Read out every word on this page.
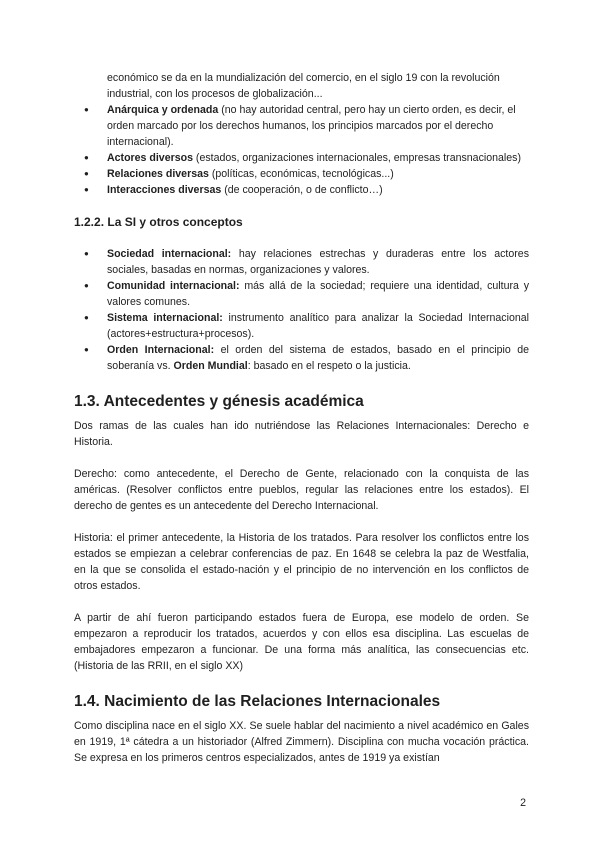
económico se da en la mundialización del comercio, en el siglo 19 con la revolución industrial, con los procesos de globalización...

● Anárquica y ordenada (no hay autoridad central, pero hay un cierto orden, es decir, el orden marcado por los derechos humanos, los principios marcados por el derecho internacional).
● Actores diversos (estados, organizaciones internacionales, empresas transnacionales)
● Relaciones diversas (políticas, económicas, tecnológicas...)
● Interacciones diversas (de cooperación, o de conflicto…)
1.2.2. La SI y otros conceptos
● Sociedad internacional: hay relaciones estrechas y duraderas entre los actores sociales, basadas en normas, organizaciones y valores.
● Comunidad internacional: más allá de la sociedad; requiere una identidad, cultura y valores comunes.
● Sistema internacional: instrumento analítico para analizar la Sociedad Internacional (actores+estructura+procesos).
● Orden Internacional: el orden del sistema de estados, basado en el principio de soberanía vs. Orden Mundial: basado en el respeto o la justicia.
1.3. Antecedentes y génesis académica

Dos ramas de las cuales han ido nutriéndose las Relaciones Internacionales: Derecho e Historia.

Derecho: como antecedente, el Derecho de Gente, relacionado con la conquista de las américas. (Resolver conflictos entre pueblos, regular las relaciones entre los estados). El derecho de gentes es un antecedente del Derecho Internacional.

Historia: el primer antecedente, la Historia de los tratados. Para resolver los conflictos entre los estados se empiezan a celebrar conferencias de paz. En 1648 se celebra la paz de Westfalia, en la que se consolida el estado-nación y el principio de no intervención en los conflictos de otros estados.

A partir de ahí fueron participando estados fuera de Europa, ese modelo de orden. Se empezaron a reproducir los tratados, acuerdos y con ellos esa disciplina. Las escuelas de embajadores empezaron a funcionar. De una forma más analítica, las consecuencias etc. (Historia de las RRII, en el siglo XX)

1.4. Nacimiento de las Relaciones Internacionales

Como disciplina nace en el siglo XX. Se suele hablar del nacimiento a nivel académico en Gales en 1919, 1ª cátedra a un historiador (Alfred Zimmern). Disciplina con mucha vocación práctica. Se expresa en los primeros centros especializados, antes de 1919 ya existían

2
